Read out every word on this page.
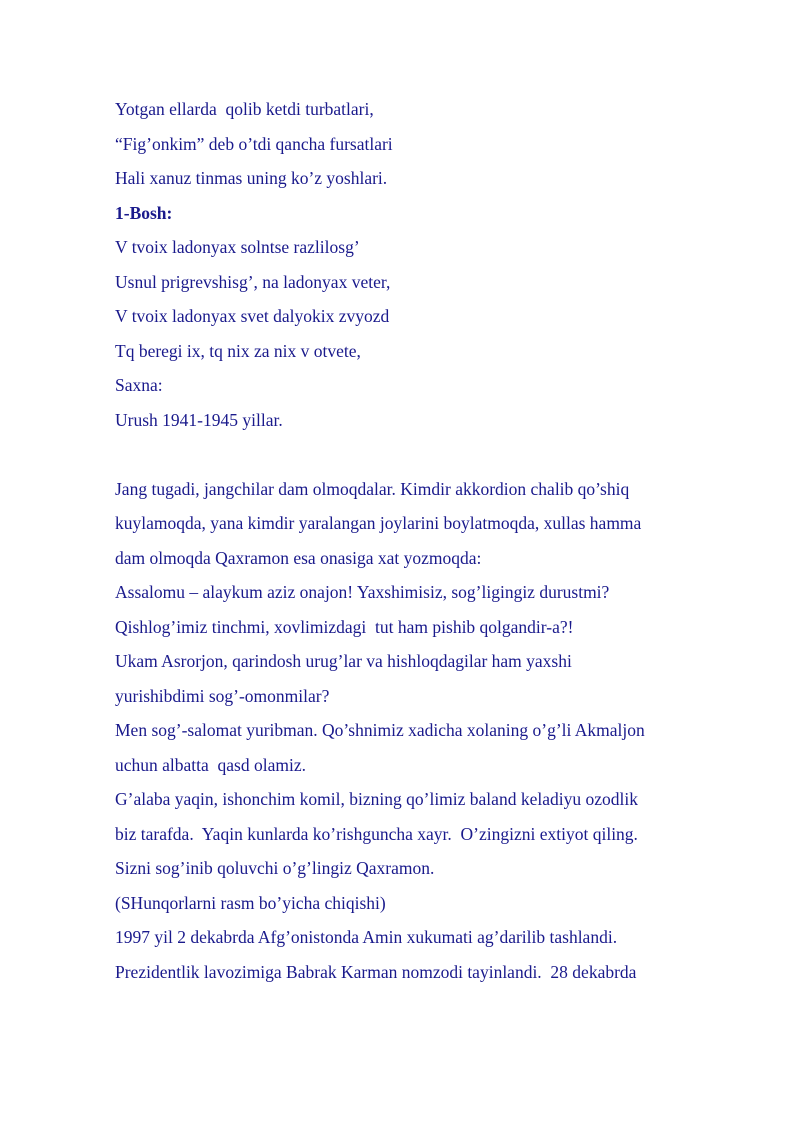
Yotgan ellarda  qolib ketdi turbatlari,
“Fig’onkim” deb o’tdi qancha fursatlari
Hali xanuz tinmas uning ko’z yoshlari.
1-Bosh:
V tvoix ladonyax solntse razlilosg’
Usnul prigrevshisg’, na ladonyax veter,
V tvoix ladonyax svet dalyokix zvyozd
Tq beregi ix, tq nix za nix v otvete,
Saxna:
Urush 1941-1945 yillar.
Jang tugadi, jangchilar dam olmoqdalar. Kimdir akkordion chalib qo’shiq
kuylamoqda, yana kimdir yaralangan joylarini boylatmoqda, xullas hamma
dam olmoqda Qaxramon esa onasiga xat yozmoqda:
Assalomu – alaykum aziz onajon! Yaxshimisiz, sog’ligingiz durustmi?
Qishlog’imiz tinchmi, xovlimizdagi  tut ham pishib qolgandir-a?!
Ukam Asrorjon, qarindosh urug’lar va hishloqdagilar ham yaxshi
yurishibdimi sog’-omonmilar?
Men sog’-salomat yuribman. Qo’shnimiz xadicha xolaning o’g’li Akmaljon
uchun albatta  qasd olamiz.
G’alaba yaqin, ishonchim komil, bizning qo’limiz baland keladiyu ozodlik
biz tarafda.  Yaqin kunlarda ko’rishguncha xayr.  O’zingizni extiyot qiling.
Sizni sog’inib qoluvchi o’g’lingiz Qaxramon.
(SHunqorlarni rasm bo’yicha chiqishi)
1997 yil 2 dekabrda Afg’onistonda Amin xukumati ag’darilib tashlandi.
Prezidentlik lavozimiga Babrak Karman nomzodi tayinlandi.  28 dekabrda
